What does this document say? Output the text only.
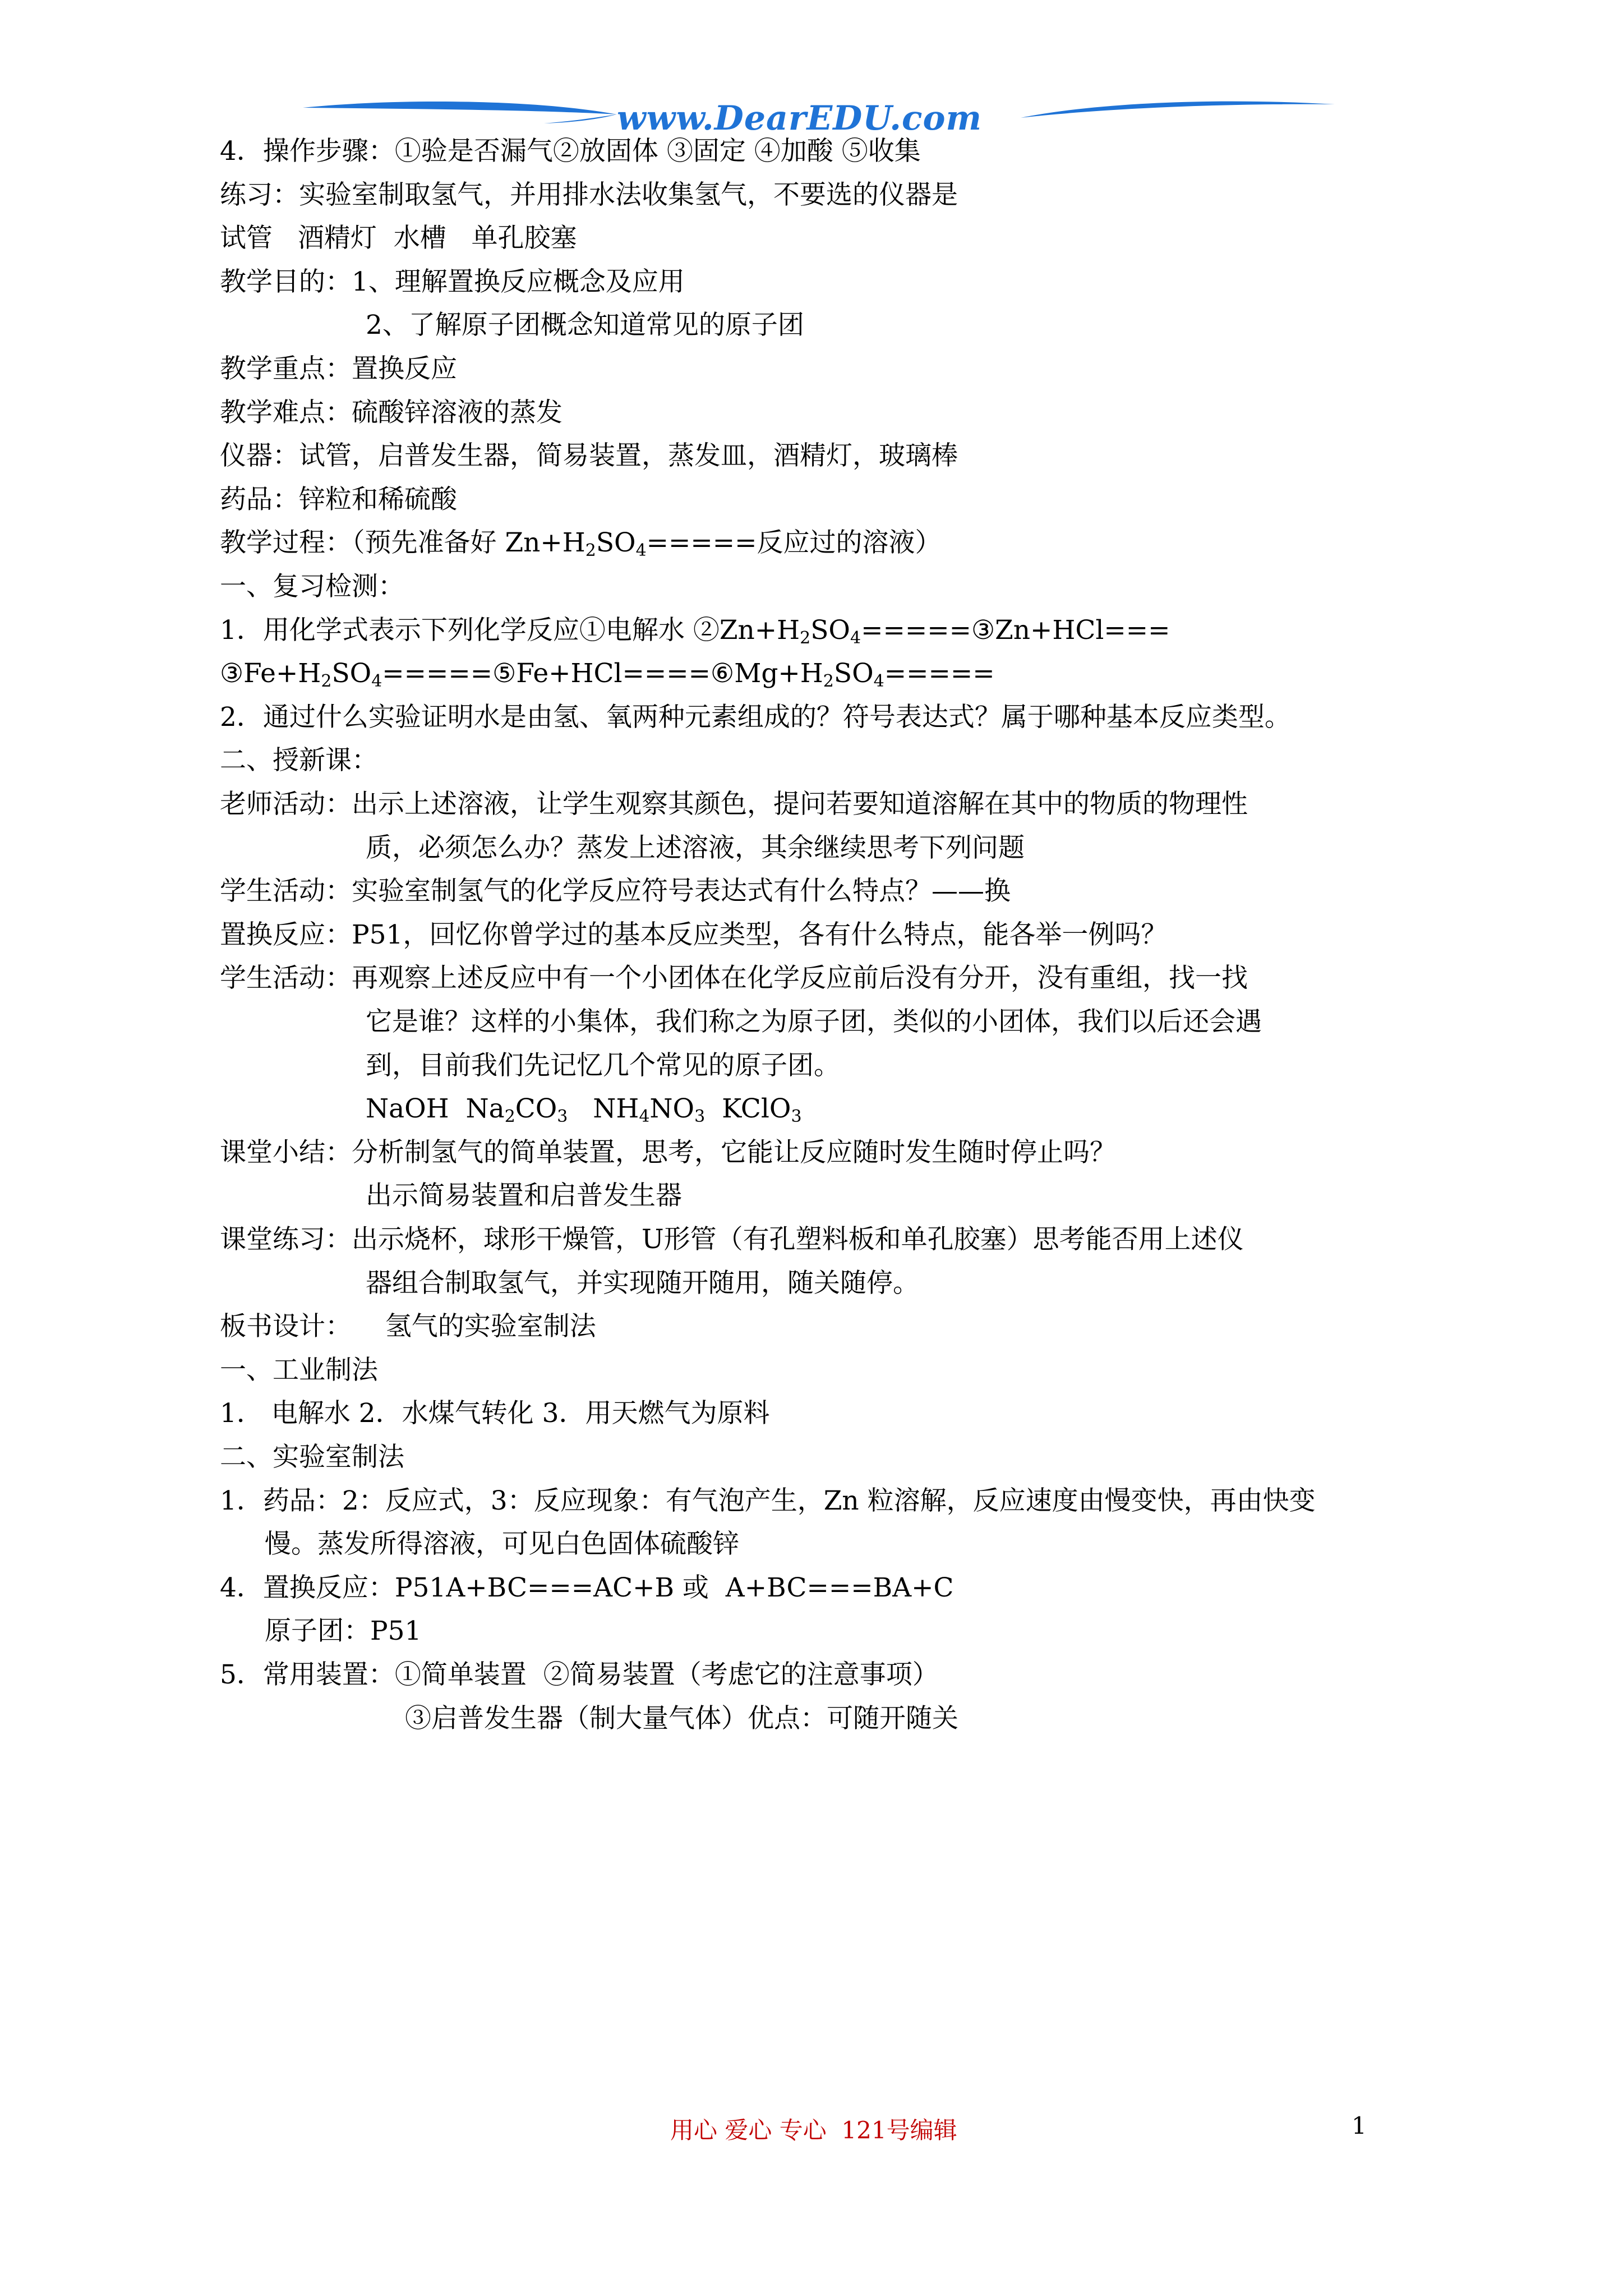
www.DearEDU.com
4．操作步骤：①验是否漏气②放固体 ③固定 ④加酸 ⑤收集
练习：实验室制取氢气，并用排水法收集氢气，不要选的仪器是
试管   酒精灯  水槽   单孔胶塞
教学目的：1、理解置换反应概念及应用
2、了解原子团概念知道常见的原子团
教学重点：置换反应
教学难点：硫酸锌溶液的蒸发
仪器：试管，启普发生器，简易装置，蒸发皿，酒精灯，玻璃棒
药品：锌粒和稀硫酸
教学过程：（预先准备好 $Zn+H_2SO_4=====$反应过的溶液）
一、复习检测：
1．用化学式表示下列化学反应①电解水 $②Zn+H_2SO_4=====③Zn+HCl===$
$③Fe+H_2SO_4=====⑤Fe+HCl====⑥Mg+H_2SO_4=====$
2．通过什么实验证明水是由氢、氧两种元素组成的？符号表达式？属于哪种基本反应类型。
二、授新课：
老师活动：出示上述溶液，让学生观察其颜色，提问若要知道溶解在其中的物质的物理性
质，必须怎么办？蒸发上述溶液，其余继续思考下列问题
学生活动：实验室制氢气的化学反应符号表达式有什么特点？——换
置换反应：P51，回忆你曾学过的基本反应类型，各有什么特点，能各举一例吗？
学生活动：再观察上述反应中有一个小团体在化学反应前后没有分开，没有重组，找一找
它是谁？这样的小集体，我们称之为原子团，类似的小团体，我们以后还会遇
到，目前我们先记忆几个常见的原子团。
NaOH  $Na_2CO_3$   $NH_4NO_3$  KClO$_3$
课堂小结：分析制氢气的简单装置，思考，它能让反应随时发生随时停止吗？
出示简易装置和启普发生器
课堂练习：出示烧杯，球形干燥管，U形管（有孔塑料板和单孔胶塞）思考能否用上述仪
器组合制取氢气，并实现随开随用，随关随停。
板书设计：    氢气的实验室制法
一、工业制法
1． 电解水 2．水煤气转化 3．用天燃气为原料
二、实验室制法
1．药品：2：反应式，3：反应现象：有气泡产生，Zn 粒溶解，反应速度由慢变快，再由快变
慢。蒸发所得溶液，可见白色固体硫酸锌
4．置换反应：P51A+BC===AC+B 或  A+BC===BA+C
原子团：P51
5．常用装置：①简单装置  ②简易装置（考虑它的注意事项）
③启普发生器（制大量气体）优点：可随开随关
用心 爱心 专心  121号编辑	1
